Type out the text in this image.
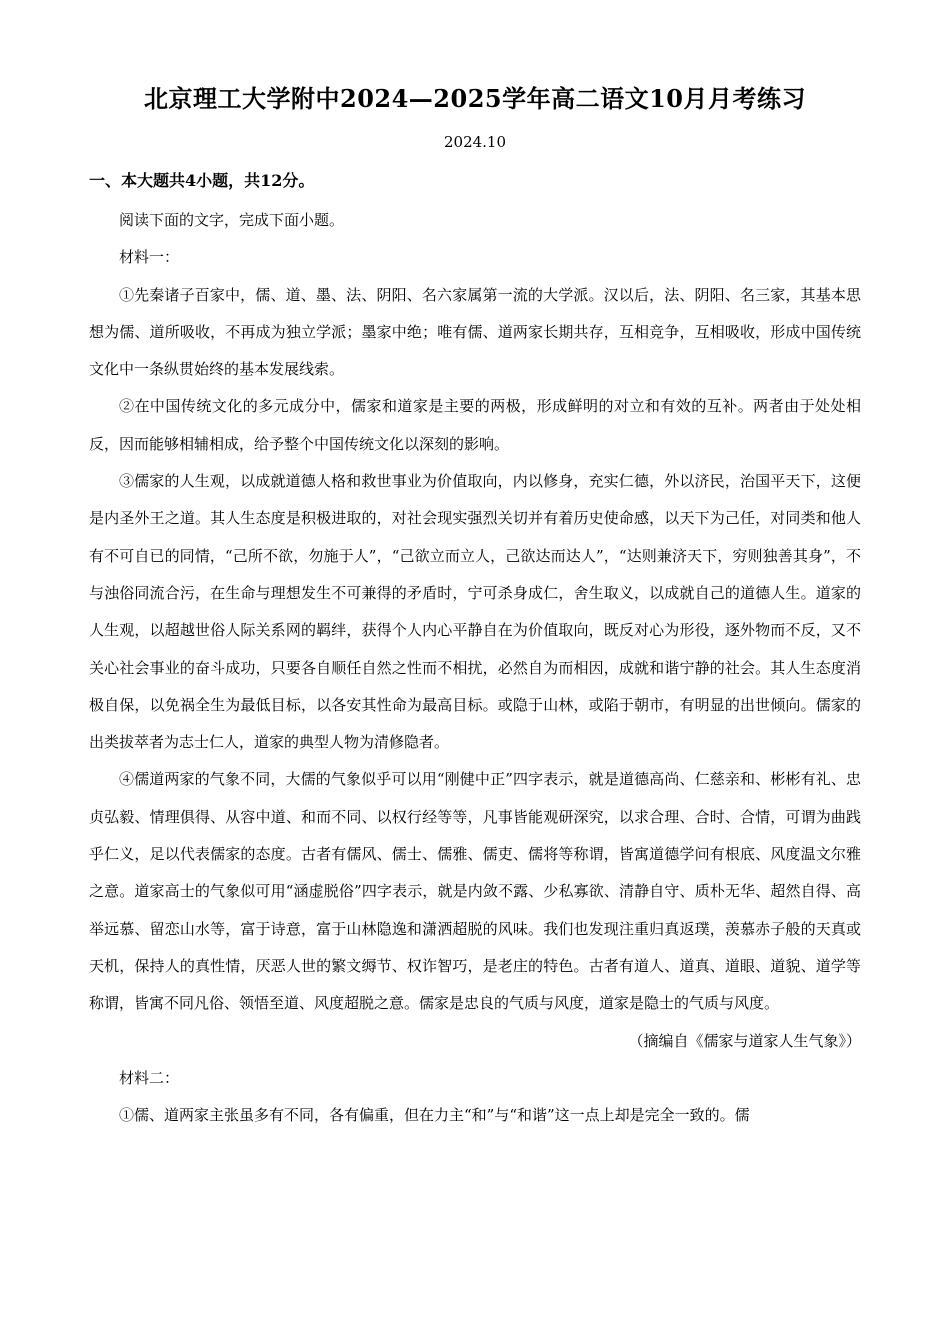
北京理工大学附中2024—2025学年高二语文10月月考练习
2024.10
一、本大题共4小题，共12分。

阅读下面的文字，完成下面小题。

材料一：

①先秦诸子百家中，儒、道、墨、法、阴阳、名六家属第一流的大学派。汉以后，法、阴阳、名三家，其基本思想为儒、道所吸收，不再成为独立学派；墨家中绝；唯有儒、道两家长期共存，互相竞争，互相吸收，形成中国传统文化中一条纵贯始终的基本发展线索。

②在中国传统文化的多元成分中，儒家和道家是主要的两极，形成鲜明的对立和有效的互补。两者由于处处相反，因而能够相辅相成，给予整个中国传统文化以深刻的影响。

③儒家的人生观，以成就道德人格和救世事业为价值取向，内以修身，充实仁德，外以济民，治国平天下，这便是内圣外王之道。其人生态度是积极进取的，对社会现实强烈关切并有着历史使命感，以天下为己任，对同类和他人有不可自已的同情，“己所不欲，勿施于人”，“己欲立而立人，己欲达而达人”，“达则兼济天下，穷则独善其身”，不与浊俗同流合污，在生命与理想发生不可兼得的矛盾时，宁可杀身成仁，舍生取义，以成就自己的道德人生。道家的人生观，以超越世俗人际关系网的羁绊，获得个人内心平静自在为价值取向，既反对心为形役，逐外物而不反，又不关心社会事业的奋斗成功，只要各自顺任自然之性而不相扰，必然自为而相因，成就和谐宁静的社会。其人生态度消极自保，以免祸全生为最低目标，以各安其性命为最高目标。或隐于山林，或陷于朝市，有明显的出世倾向。儒家的出类拔萃者为志士仁人，道家的典型人物为清修隐者。

④儒道两家的气象不同，大儒的气象似乎可以用“刚健中正”四字表示，就是道德高尚、仁慈亲和、彬彬有礼、忠贞弘毅、情理俱得、从容中道、和而不同、以权行经等等，凡事皆能观研深究，以求合理、合时、合情，可谓为曲践乎仁义，足以代表儒家的态度。古者有儒风、儒士、儒雅、儒吏、儒将等称谓，皆寓道德学问有根底、风度温文尔雅之意。道家高士的气象似可用“涵虚脱俗”四字表示，就是内敛不露、少私寡欲、清静自守、质朴无华、超然自得、高举远慕、留恋山水等，富于诗意，富于山林隐逸和潇洒超脱的风味。我们也发现注重归真返璞，羡慕赤子般的天真或天机，保持人的真性情，厌恶人世的繁文缛节、权诈智巧，是老庄的特色。古者有道人、道真、道眼、道貌、道学等称谓，皆寓不同凡俗、领悟至道、风度超脱之意。儒家是忠良的气质与风度，道家是隐士的气质与风度。

（摘编自《儒家与道家人生气象》）

材料二：

①儒、道两家主张虽多有不同，各有偏重，但在力主“和”与“和谐”这一点上却是完全一致的。儒
